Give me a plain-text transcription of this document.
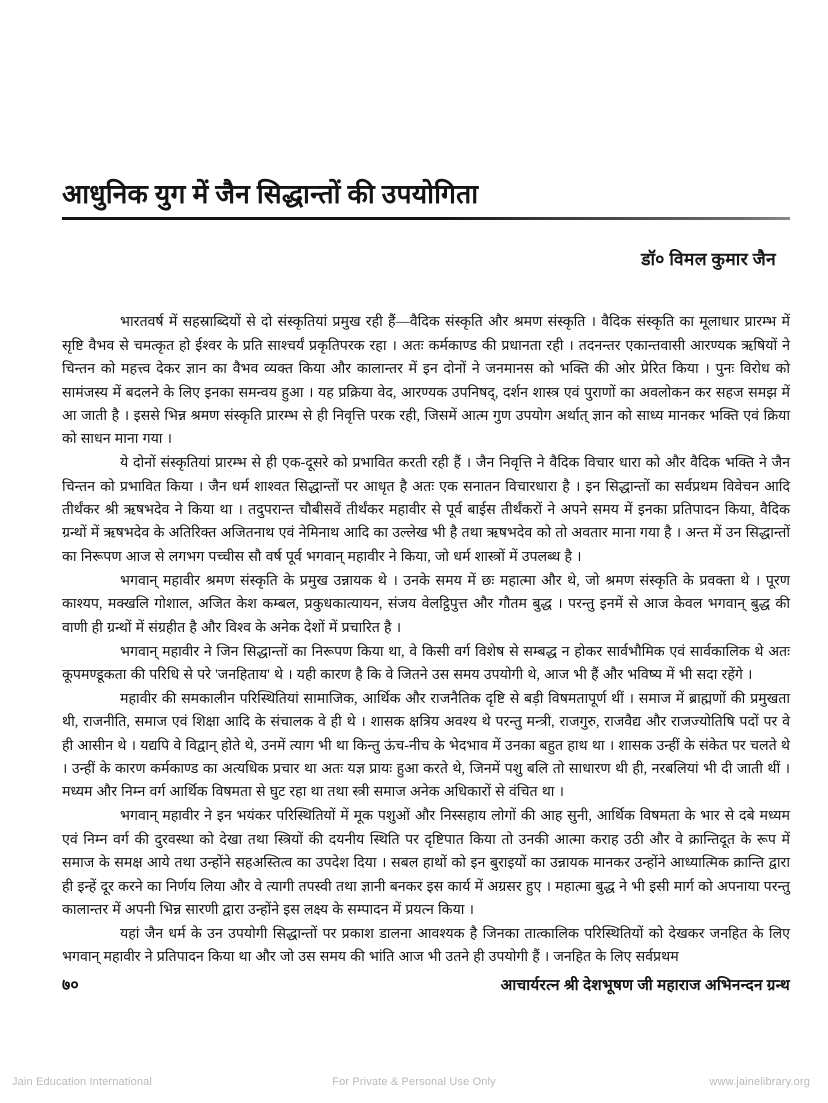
आधुनिक युग में जैन सिद्धान्तों की उपयोगिता
डॉ० विमल कुमार जैन

भारतवर्ष में सहस्राब्दियों से दो संस्कृतियां प्रमुख रही हैं—वैदिक संस्कृति और श्रमण संस्कृति । वैदिक संस्कृति का मूलाधार प्रारम्भ में सृष्टि वैभव से चमत्कृत हो ईश्वर के प्रति साश्चर्यं प्रकृतिपरक रहा । अतः कर्मकाण्ड की प्रधानता रही । तदनन्तर एकान्तवासी आरण्यक ऋषियों ने चिन्तन को महत्त्व देकर ज्ञान का वैभव व्यक्त किया और कालान्तर में इन दोनों ने जनमानस को भक्ति की ओर प्रेरित किया । पुनः विरोध को सामंजस्य में बदलने के लिए इनका समन्वय हुआ । यह प्रक्रिया वेद, आरण्यक उपनिषद्, दर्शन शास्त्र एवं पुराणों का अवलोकन कर सहज समझ में आ जाती है । इससे भिन्न श्रमण संस्कृति प्रारम्भ से ही निवृत्ति परक रही, जिसमें आत्म गुण उपयोग अर्थात् ज्ञान को साध्य मानकर भक्ति एवं क्रिया को साधन माना गया ।

ये दोनों संस्कृतियां प्रारम्भ से ही एक-दूसरे को प्रभावित करती रही हैं । जैन निवृत्ति ने वैदिक विचार धारा को और वैदिक भक्ति ने जैन चिन्तन को प्रभावित किया । जैन धर्म शाश्वत सिद्धान्तों पर आधृत है अतः एक सनातन विचारधारा है । इन सिद्धान्तों का सर्वप्रथम विवेचन आदि तीर्थंकर श्री ऋषभदेव ने किया था । तदुपरान्त चौबीसवें तीर्थंकर महावीर से पूर्व बाईस तीर्थंकरों ने अपने समय में इनका प्रतिपादन किया, वैदिक ग्रन्थों में ऋषभदेव के अतिरिक्त अजितनाथ एवं नेमिनाथ आदि का उल्लेख भी है तथा ऋषभदेव को तो अवतार माना गया है । अन्त में उन सिद्धान्तों का निरूपण आज से लगभग पच्चीस सौ वर्ष पूर्व भगवान् महावीर ने किया, जो धर्म शास्त्रों में उपलब्ध है ।

भगवान् महावीर श्रमण संस्कृति के प्रमुख उन्नायक थे । उनके समय में छः महात्मा और थे, जो श्रमण संस्कृति के प्रवक्ता थे । पूरण काश्यप, मक्खलि गोशाल, अजित केश कम्बल, प्रकुधकात्यायन, संजय वेलट्ठिपुत्त और गौतम बुद्ध । परन्तु इनमें से आज केवल भगवान् बुद्ध की वाणी ही ग्रन्थों में संग्रहीत है और विश्व के अनेक देशों में प्रचारित है ।

भगवान् महावीर ने जिन सिद्धान्तों का निरूपण किया था, वे किसी वर्ग विशेष से सम्बद्ध न होकर सार्वभौमिक एवं सार्वकालिक थे अतः कूपमण्डूकता की परिधि से परे 'जनहिताय' थे । यही कारण है कि वे जितने उस समय उपयोगी थे, आज भी हैं और भविष्य में भी सदा रहेंगे ।

महावीर की समकालीन परिस्थितियां सामाजिक, आर्थिक और राजनैतिक दृष्टि से बड़ी विषमतापूर्ण थीं । समाज में ब्राह्मणों की प्रमुखता थी, राजनीति, समाज एवं शिक्षा आदि के संचालक वे ही थे । शासक क्षत्रिय अवश्य थे परन्तु मन्त्री, राजगुरु, राजवैद्य और राजज्योतिषि पदों पर वे ही आसीन थे । यद्यपि वे विद्वान् होते थे, उनमें त्याग भी था किन्तु ऊंच-नीच के भेदभाव में उनका बहुत हाथ था । शासक उन्हीं के संकेत पर चलते थे । उन्हीं के कारण कर्मकाण्ड का अत्यधिक प्रचार था अतः यज्ञ प्रायः हुआ करते थे, जिनमें पशु बलि तो साधारण थी ही, नरबलियां भी दी जाती थीं । मध्यम और निम्न वर्ग आर्थिक विषमता से घुट रहा था तथा स्त्री समाज अनेक अधिकारों से वंचित था ।

भगवान् महावीर ने इन भयंकर परिस्थितियों में मूक पशुओं और निस्सहाय लोगों की आह सुनी, आर्थिक विषमता के भार से दबे मध्यम एवं निम्न वर्ग की दुरवस्था को देखा तथा स्त्रियों की दयनीय स्थिति पर दृष्टिपात किया तो उनकी आत्मा कराह उठी और वे क्रान्तिदूत के रूप में समाज के समक्ष आये तथा उन्होंने सहअस्तित्व का उपदेश दिया । सबल हाथों को इन बुराइयों का उन्नायक मानकर उन्होंने आध्यात्मिक क्रान्ति द्वारा ही इन्हें दूर करने का निर्णय लिया और वे त्यागी तपस्वी तथा ज्ञानी बनकर इस कार्य में अग्रसर हुए । महात्मा बुद्ध ने भी इसी मार्ग को अपनाया परन्तु कालान्तर में अपनी भिन्न सारणी द्वारा उन्होंने इस लक्ष्य के सम्पादन में प्रयत्न किया ।

यहां जैन धर्म के उन उपयोगी सिद्धान्तों पर प्रकाश डालना आवश्यक है जिनका तात्कालिक परिस्थितियों को देखकर जनहित के लिए भगवान् महावीर ने प्रतिपादन किया था और जो उस समय की भांति आज भी उतने ही उपयोगी हैं । जनहित के लिए सर्वप्रथम

७०	आचार्यरत्न श्री देशभूषण जी महाराज अभिनन्दन ग्रन्थ
Jain Education International	For Private & Personal Use Only	www.jainelibrary.org
